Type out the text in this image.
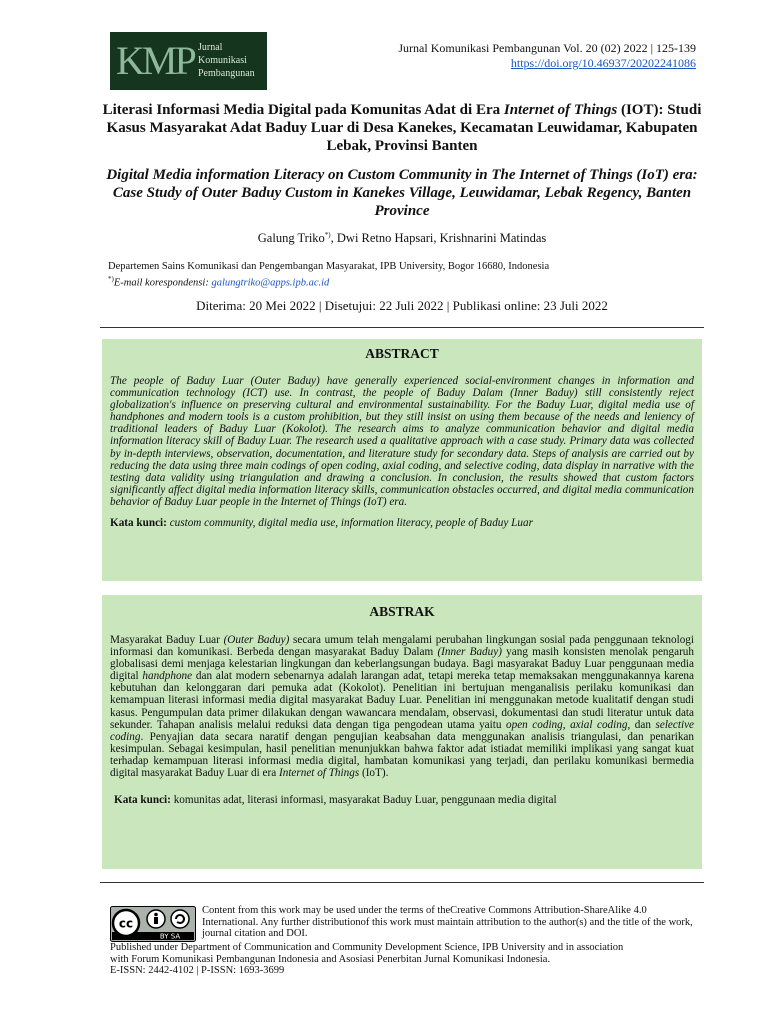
KMP Jurnal
Komunikasi
Pembangunan
Jurnal Komunikasi Pembangunan Vol. 20 (02) 2022 | 125-139
https://doi.org/10.46937/20202241086
Literasi Informasi Media Digital pada Komunitas Adat di Era Internet of Things (IOT): Studi Kasus Masyarakat Adat Baduy Luar di Desa Kanekes, Kecamatan Leuwidamar, Kabupaten Lebak, Provinsi Banten
Digital Media information Literacy on Custom Community in The Internet of Things (IoT) era: Case Study of Outer Baduy Custom in Kanekes Village, Leuwidamar, Lebak Regency, Banten Province
Galung Triko*), Dwi Retno Hapsari, Krishnarini Matindas
Departemen Sains Komunikasi dan Pengembangan Masyarakat, IPB University, Bogor 16680, Indonesia
*)E-mail korespondensi: galungtriko@apps.ipb.ac.id
Diterima: 20 Mei 2022 | Disetujui: 22 Juli 2022 | Publikasi online: 23 Juli 2022
ABSTRACT

The people of Baduy Luar (Outer Baduy) have generally experienced social-environment changes in information and communication technology (ICT) use. In contrast, the people of Baduy Dalam (Inner Baduy) still consistently reject globalization's influence on preserving cultural and environmental sustainability. For the Baduy Luar, digital media use of handphones and modern tools is a custom prohibition, but they still insist on using them because of the needs and leniency of traditional leaders of Baduy Luar (Kokolot). The research aims to analyze communication behavior and digital media information literacy skill of Baduy Luar. The research used a qualitative approach with a case study. Primary data was collected by in-depth interviews, observation, documentation, and literature study for secondary data. Steps of analysis are carried out by reducing the data using three main codings of open coding, axial coding, and selective coding, data display in narrative with the testing data validity using triangulation and drawing a conclusion. In conclusion, the results showed that custom factors significantly affect digital media information literacy skills, communication obstacles occurred, and digital media communication behavior of Baduy Luar people in the Internet of Things (IoT) era.

Kata kunci: custom community, digital media use, information literacy, people of Baduy Luar

ABSTRAK

Masyarakat Baduy Luar (Outer Baduy) secara umum telah mengalami perubahan lingkungan sosial pada penggunaan teknologi informasi dan komunikasi. Berbeda dengan masyarakat Baduy Dalam (Inner Baduy) yang masih konsisten menolak pengaruh globalisasi demi menjaga kelestarian lingkungan dan keberlangsungan budaya. Bagi masyarakat Baduy Luar penggunaan media digital handphone dan alat modern sebenarnya adalah larangan adat, tetapi mereka tetap memaksakan menggunakannya karena kebutuhan dan kelonggaran dari pemuka adat (Kokolot). Penelitian ini bertujuan menganalisis perilaku komunikasi dan kemampuan literasi informasi media digital masyarakat Baduy Luar. Penelitian ini menggunakan metode kualitatif dengan studi kasus. Pengumpulan data primer dilakukan dengan wawancara mendalam, observasi, dokumentasi dan studi literatur untuk data sekunder. Tahapan analisis melalui reduksi data dengan tiga pengodean utama yaitu open coding, axial coding, dan selective coding. Penyajian data secara naratif dengan pengujian keabsahan data menggunakan analisis triangulasi, dan penarikan kesimpulan. Sebagai kesimpulan, hasil penelitian menunjukkan bahwa faktor adat istiadat memiliki implikasi yang sangat kuat terhadap kemampuan literasi informasi media digital, hambatan komunikasi yang terjadi, dan perilaku komunikasi bermedia digital masyarakat Baduy Luar di era Internet of Things (IoT).

Kata kunci: komunitas adat, literasi informasi, masyarakat Baduy Luar, penggunaan media digital

cc
BY SA
Content from this work may be used under the terms of theCreative Commons Attribution-ShareAlike 4.0 International. Any further distributionof this work must maintain attribution to the author(s) and the title of the work, journal citation and DOI.
Published under Department of Communication and Community Development Science, IPB University and in association
with Forum Komunikasi Pembangunan Indonesia and Asosiasi Penerbitan Jurnal Komunikasi Indonesia.
E-ISSN: 2442-4102 | P-ISSN: 1693-3699
